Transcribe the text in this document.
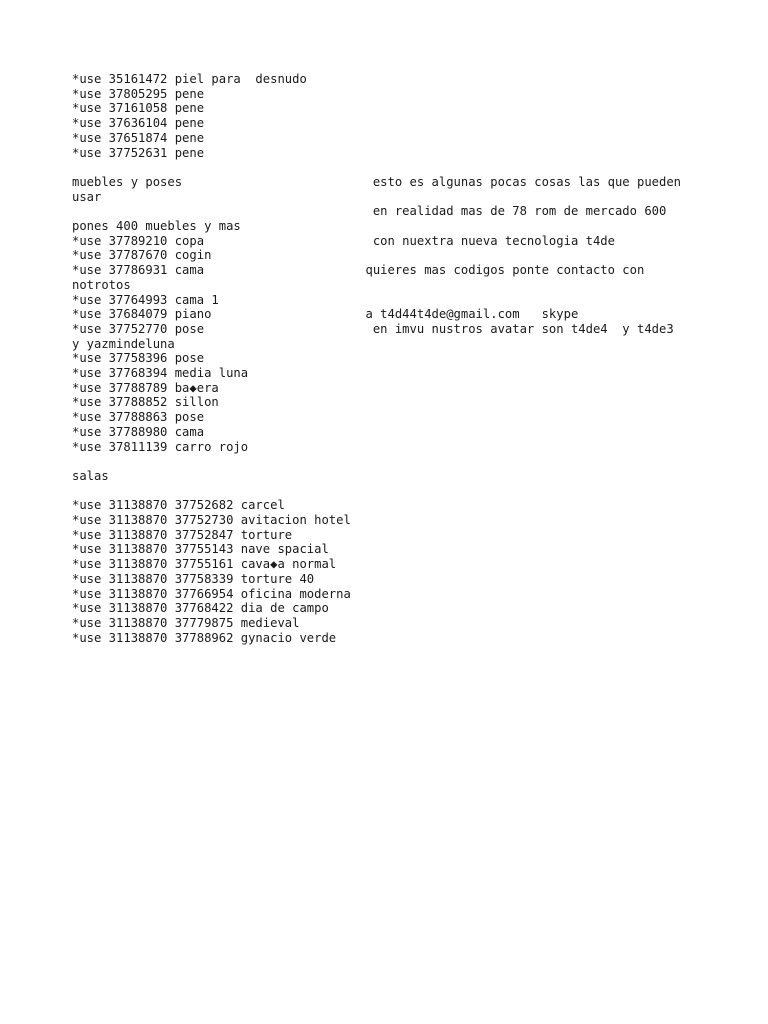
*use 35161472 piel para  desnudo
*use 37805295 pene
*use 37161058 pene
*use 37636104 pene
*use 37651874 pene
*use 37752631 pene
muebles y poses                          esto es algunas pocas cosas las que pueden
usar
en realidad mas de 78 rom de mercado 600
pones 400 muebles y mas
*use 37789210 copa                       con nuextra nueva tecnologia t4de
*use 37787670 cogin
*use 37786931 cama                      quieres mas codigos ponte contacto con
notrotos
*use 37764993 cama 1
*use 37684079 piano                     a t4d44t4de@gmail.com   skype
*use 37752770 pose                       en imvu nustros avatar son t4de4  y t4de3
y yazmindeluna
*use 37758396 pose
*use 37768394 media luna
*use 37788789 ba◆era
*use 37788852 sillon
*use 37788863 pose
*use 37788980 cama
*use 37811139 carro rojo
salas
*use 31138870 37752682 carcel
*use 31138870 37752730 avitacion hotel
*use 31138870 37752847 torture
*use 31138870 37755143 nave spacial
*use 31138870 37755161 cava◆a normal
*use 31138870 37758339 torture 40
*use 31138870 37766954 oficina moderna
*use 31138870 37768422 dia de campo
*use 31138870 37779875 medieval
*use 31138870 37788962 gynacio verde
